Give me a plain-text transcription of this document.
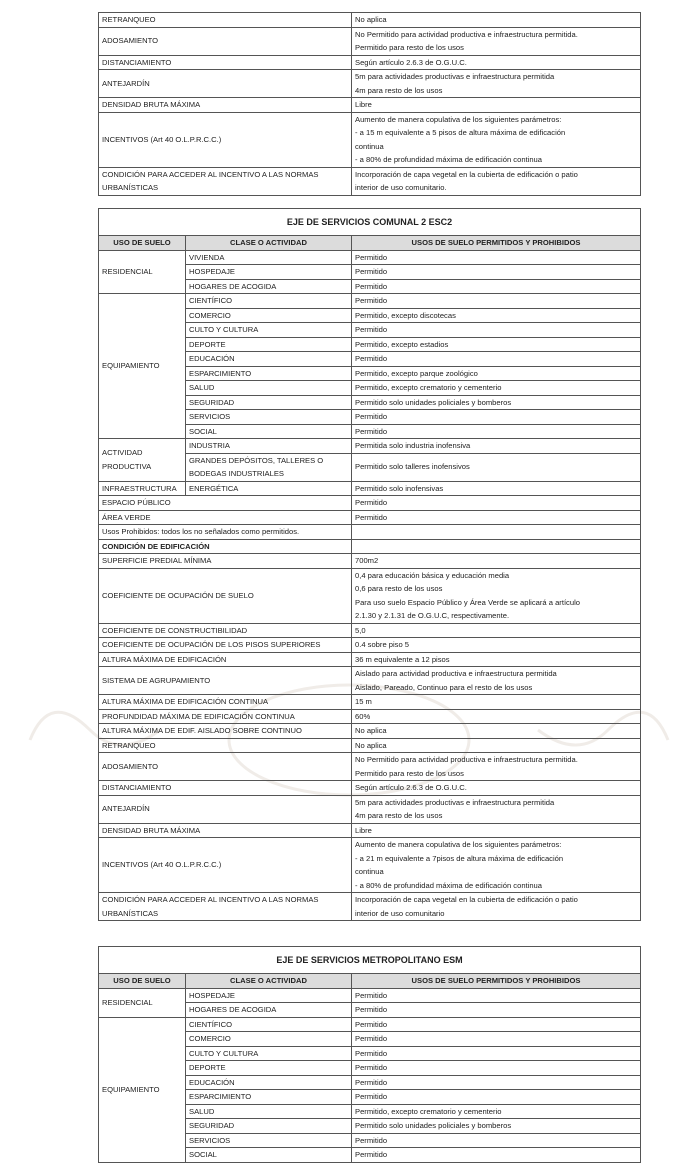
RETRANQUEO	No aplica

ADOSAMIENTO	No Permitido para actividad productiva e infraestructura permitida.
Permitido para resto de los usos

DISTANCIAMIENTO	Según artículo 2.6.3 de O.G.U.C.

ANTEJARDÍN	5m para actividades productivas e infraestructura permitida
4m para resto de los usos

DENSIDAD BRUTA MÁXIMA	Libre

INCENTIVOS (Art 40 O.L.P.R.C.C.)	Aumento de manera copulativa de los siguientes parámetros:
- a 15 m equivalente a 5 pisos de altura máxima de edificación
continua
- a 80% de profundidad máxima de edificación continua

CONDICIÓN PARA ACCEDER AL INCENTIVO A LAS NORMAS URBANÍSTICAS	Incorporación de capa vegetal en la cubierta de edificación o patio
interior de uso comunitario.
EJE DE SERVICIOS COMUNAL 2 ESC2		
USO DE SUELO	CLASE O ACTIVIDAD	USOS DE SUELO PERMITIDOS Y PROHIBIDOS
RESIDENCIAL	VIVIENDA	Permitido
	HOSPEDAJE	Permitido
	HOGARES DE ACOGIDA	Permitido
EQUIPAMIENTO	CIENTÍFICO	Permitido
	COMERCIO	Permitido, excepto discotecas
	CULTO Y CULTURA	Permitido
	DEPORTE	Permitido, excepto estadios
	EDUCACIÓN	Permitido
	ESPARCIMIENTO	Permitido, excepto parque zoológico
	SALUD	Permitido, excepto crematorio y cementerio
	SEGURIDAD	Permitido solo unidades policiales y bomberos
	SERVICIOS	Permitido
	SOCIAL	Permitido
ACTIVIDAD PRODUCTIVA	INDUSTRIA	Permitida solo industria inofensiva
	GRANDES DEPÓSITOS, TALLERES O BODEGAS INDUSTRIALES	Permitido solo talleres inofensivos
INFRAESTRUCTURA	ENERGÉTICA	Permitido solo inofensivas
ESPACIO PÚBLICO		Permitido
ÁREA VERDE		Permitido
Usos Prohibidos: todos los no señalados como permitidos.		
CONDICIÓN DE EDIFICACIÓN		
SUPERFICIE PREDIAL MÍNIMA		700m2

COEFICIENTE DE OCUPACIÓN DE SUELO		0,4 para educación básica y educación media
0,6 para resto de los usos
Para uso suelo Espacio Público y Área Verde se aplicará a artículo
2.1.30 y 2.1.31 de O.G.U.C, respectivamente.

COEFICIENTE DE CONSTRUCTIBILIDAD		5,0

COEFICIENTE DE OCUPACIÓN DE LOS PISOS SUPERIORES		0.4 sobre piso 5

ALTURA MÁXIMA DE EDIFICACIÓN		36 m equivalente a 12 pisos

SISTEMA DE AGRUPAMIENTO		Aislado para actividad productiva e infraestructura permitida
Aislado, Pareado, Continuo para el resto de los usos

ALTURA MÁXIMA DE EDIFICACIÓN CONTINUA		15 m

PROFUNDIDAD MÁXIMA DE EDIFICACIÓN CONTINUA		60%

ALTURA MÁXIMA DE EDIF. AISLADO SOBRE CONTINUO		No aplica

RETRANQUEO		No aplica

ADOSAMIENTO		No Permitido para actividad productiva e infraestructura permitida.
Permitido para resto de los usos

DISTANCIAMIENTO		Según artículo 2.6.3 de O.G.U.C.

ANTEJARDÍN		5m para actividades productivas e infraestructura permitida
4m para resto de los usos

DENSIDAD BRUTA MÁXIMA		Libre

INCENTIVOS (Art 40 O.L.P.R.C.C.)		Aumento de manera copulativa de los siguientes parámetros:
- a 21 m equivalente a 7pisos de altura máxima de edificación
continua
- a 80% de profundidad máxima de edificación continua

CONDICIÓN PARA ACCEDER AL INCENTIVO A LAS NORMAS URBANÍSTICAS		Incorporación de capa vegetal en la cubierta de edificación o patio
interior de uso comunitario
EJE DE SERVICIOS METROPOLITANO ESM		
USO DE SUELO	CLASE O ACTIVIDAD	USOS DE SUELO PERMITIDOS Y PROHIBIDOS
RESIDENCIAL	HOSPEDAJE	Permitido
	HOGARES DE ACOGIDA	Permitido
EQUIPAMIENTO	CIENTÍFICO	Permitido
	COMERCIO	Permitido
	CULTO Y CULTURA	Permitido
	DEPORTE	Permitido
	EDUCACIÓN	Permitido
	ESPARCIMIENTO	Permitido
	SALUD	Permitido, excepto crematorio y cementerio
	SEGURIDAD	Permitido solo unidades policiales y bomberos
	SERVICIOS	Permitido
	SOCIAL	Permitido
